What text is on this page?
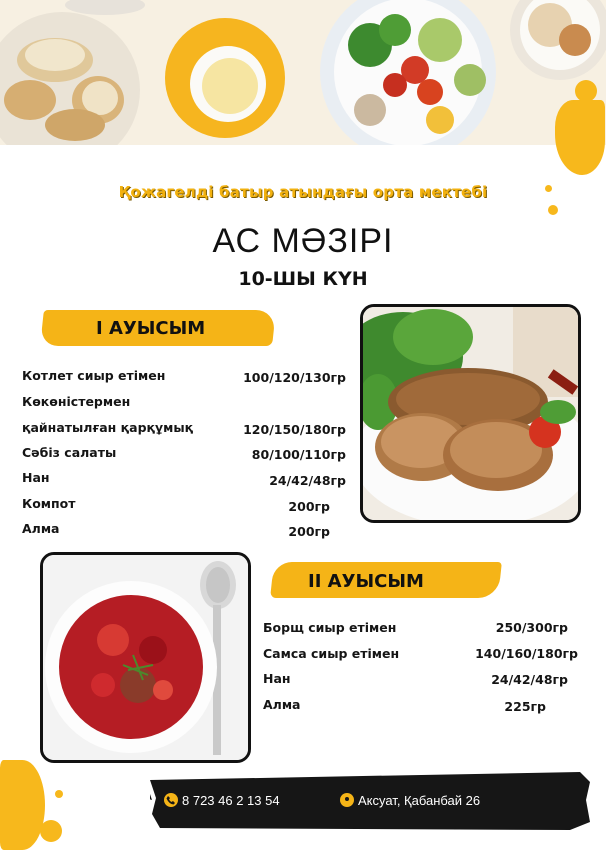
Қожагелді батыр атындағы орта мектебі
АС МӘЗІРІ
10-ШЫ КҮН
I АУЫСЫМ
Котлет сиыр етімен	100/120/130гр
Көкөністермен
қайнатылған қарқұмық	120/150/180гр
Сәбіз салаты	80/100/110гр
Нан	24/42/48гр
Компот	200гр
Алма	200гр
II АУЫСЫМ
Борщ сиыр етімен	250/300гр
Самса сиыр етімен	140/160/180гр
Нан	24/42/48гр
Алма	225гр
8 723 46 2 13 54	Аксуат, Қабанбай 26
